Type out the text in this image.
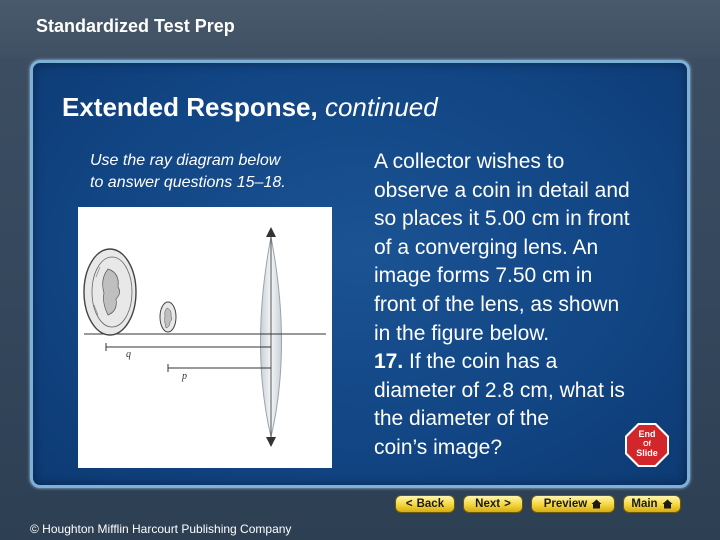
Standardized Test Prep
Extended Response, continued
Use the ray diagram below
to answer questions 15–18.
q
p
A collector wishes to
observe a coin in detail and
so places it 5.00 cm in front
of a converging lens. An
image forms 7.50 cm in
front of the lens, as shown
in the figure below.
17. If the coin has a
diameter of 2.8 cm, what is
the diameter of the
coin’s image?
End
Of
Slide
< Back	Next >	Preview	Main
© Houghton Mifflin Harcourt Publishing Company
